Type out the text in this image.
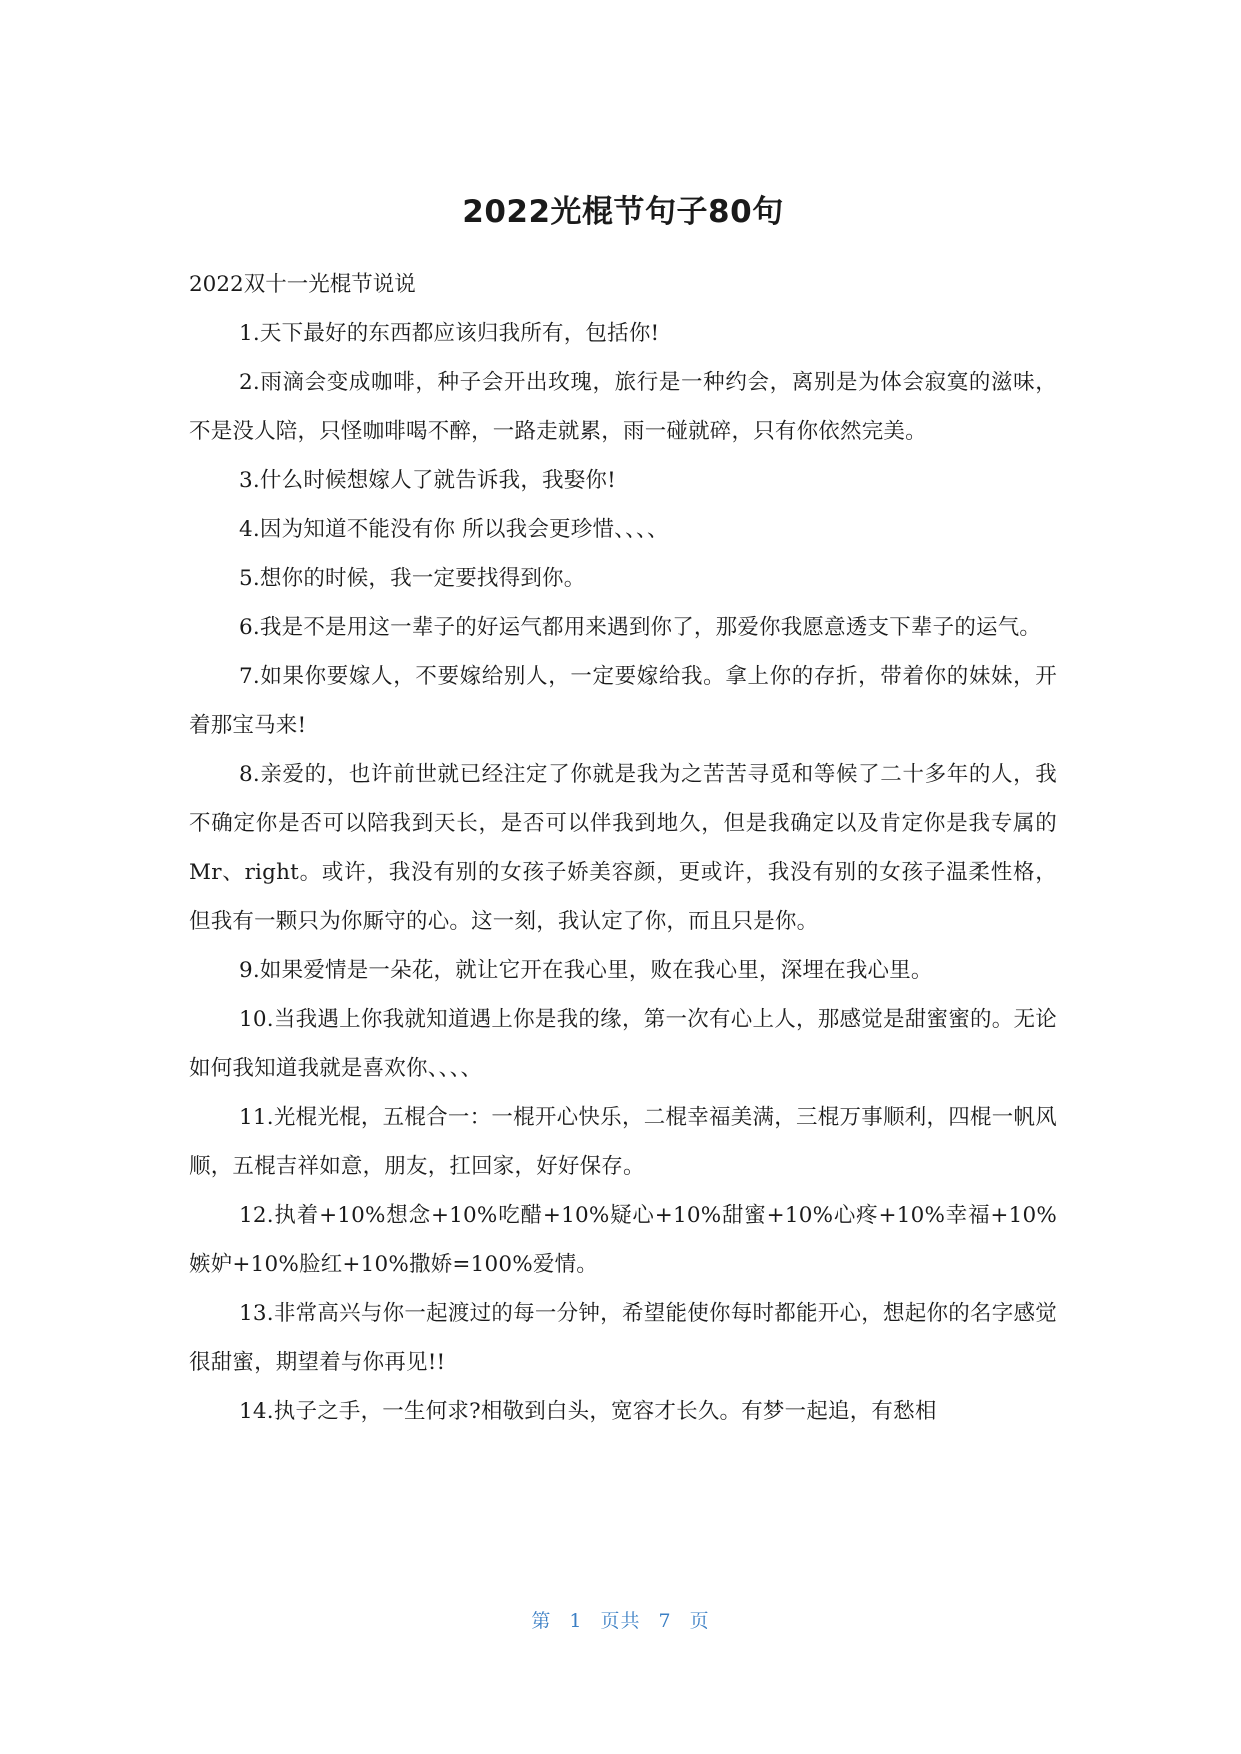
2022光棍节句子80句

2022双十一光棍节说说

1.天下最好的东西都应该归我所有，包括你!

2.雨滴会变成咖啡，种子会开出玫瑰，旅行是一种约会，离别是为体会寂寞的滋味，不是没人陪，只怪咖啡喝不醉，一路走就累，雨一碰就碎，只有你依然完美。

3.什么时候想嫁人了就告诉我，我娶你!

4.因为知道不能没有你 所以我会更珍惜、、、、

5.想你的时候，我一定要找得到你。

6.我是不是用这一辈子的好运气都用来遇到你了，那爱你我愿意透支下辈子的运气。

7.如果你要嫁人，不要嫁给别人，一定要嫁给我。拿上你的存折，带着你的妹妹，开着那宝马来!

8.亲爱的，也许前世就已经注定了你就是我为之苦苦寻觅和等候了二十多年的人，我不确定你是否可以陪我到天长，是否可以伴我到地久，但是我确定以及肯定你是我专属的Mr、right。或许，我没有别的女孩子娇美容颜，更或许，我没有别的女孩子温柔性格，但我有一颗只为你厮守的心。这一刻，我认定了你，而且只是你。

9.如果爱情是一朵花，就让它开在我心里，败在我心里，深埋在我心里。

10.当我遇上你我就知道遇上你是我的缘，第一次有心上人，那感觉是甜蜜蜜的。无论如何我知道我就是喜欢你、、、、

11.光棍光棍，五棍合一：一棍开心快乐，二棍幸福美满，三棍万事顺利，四棍一帆风顺，五棍吉祥如意，朋友，扛回家，好好保存。

12.执着+10%想念+10%吃醋+10%疑心+10%甜蜜+10%心疼+10%幸福+10%嫉妒+10%脸红+10%撒娇=100%爱情。

13.非常高兴与你一起渡过的每一分钟，希望能使你每时都能开心，想起你的名字感觉很甜蜜，期望着与你再见!!

14.执子之手，一生何求?相敬到白头，宽容才长久。有梦一起追，有愁相

第 1 页共 7 页
